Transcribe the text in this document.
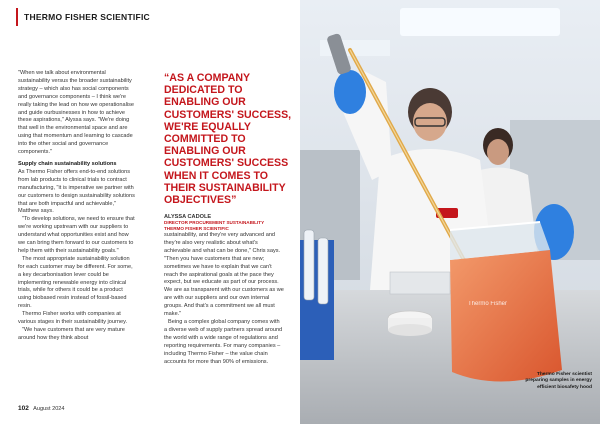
THERMO FISHER SCIENTIFIC

"When we talk about environmental sustainability versus the broader sustainability strategy – which also has social components and governance components – I think we're really taking the lead on how we operationalise and guide ourbusinesses in how to achieve these aspirations," Alyssa says. "We're doing that well in the environmental space and are using that momentum and learning to cascade into the other social and governance components."

Supply chain sustainability solutions

As Thermo Fisher offers end-to-end solutions from lab products to clinical trials to contract manufacturing, "it is imperative we partner with our customers to design sustainability solutions that are both impactful and achievable," Matthew says.

"To develop solutions, we need to ensure that we're working upstream with our suppliers to understand what opportunities exist and how we can bring them forward to our customers to help them with their sustainability goals."

The most appropriate sustainability solution for each customer may be different. For some, a key decarbonisation lever could be implementing renewable energy into clinical trials, while for others it could be a product using biobased resin instead of fossil-based resin.

Thermo Fisher works with companies at various stages in their sustainability journey.

"We have customers that are very mature around how they think about

“AS A COMPANY DEDICATED TO ENABLING OUR CUSTOMERS' SUCCESS, WE'RE EQUALLY COMMITTED TO ENABLING OUR CUSTOMERS' SUCCESS WHEN IT COMES TO THEIR SUSTAINABILITY OBJECTIVES”

ALYSSA CADOLE
DIRECTOR PROCUREMENT SUSTAINABILITY
THERMO FISHER SCIENTIFIC

sustainability, and they're very advanced and they're also very realistic about what's achievable and what can be done," Chris says. "Then you have customers that are new; sometimes we have to explain that we can't reach the aspirational goals at the pace they expect, but we educate as part of our process. We are as transparent with our customers as we are with our suppliers and our own internal groups. And that's a commitment we all must make."

Being a complex global company comes with a diverse web of supply partners spread around the world with a wide range of regulations and reporting requirements. For many companies – including Thermo Fisher – the value chain accounts for more than 90% of emissions.

102 August 2024
Thermo Fisher
Thermo Fisher scientist preparing samples in energy efficient biosafety hood
